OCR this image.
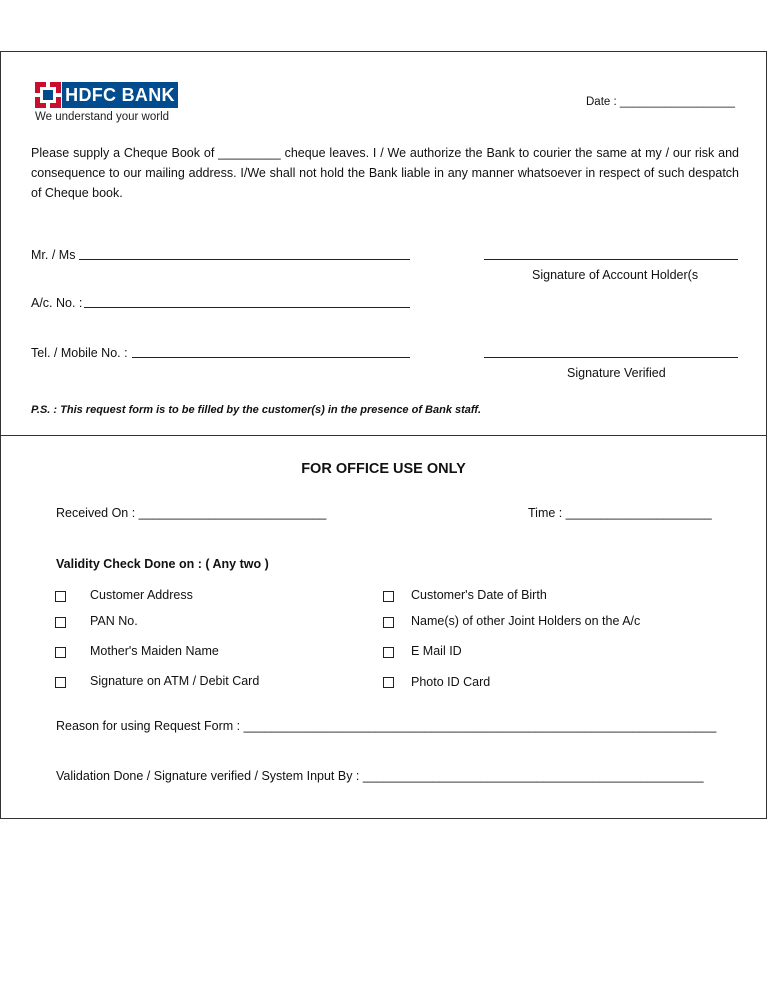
HDFC BANK
We understand your world
Date : __________________
Please supply a Cheque Book of _________ cheque leaves. I / We authorize the Bank to courier the same at my / our risk and consequence to our mailing address. I/We shall not hold the Bank liable in any manner whatsoever in respect of such despatch of Cheque book.
Mr. / Ms
Signature of Account Holder(s
A/c. No. :
Tel. / Mobile No. :
Signature Verified
P.S. : This request form is to be filled by the customer(s) in the presence of Bank staff.
FOR OFFICE USE ONLY
Received On : ___________________________	Time : _____________________
Validity Check Done on : ( Any two )
Customer Address
PAN No.
Mother's Maiden Name
Signature on ATM / Debit Card
Customer's Date of Birth
Name(s) of other Joint Holders on the A/c
E Mail ID
Photo ID Card
Reason for using Request Form : ____________________________________________________________________
Validation Done / Signature verified / System Input By : _________________________________________________
